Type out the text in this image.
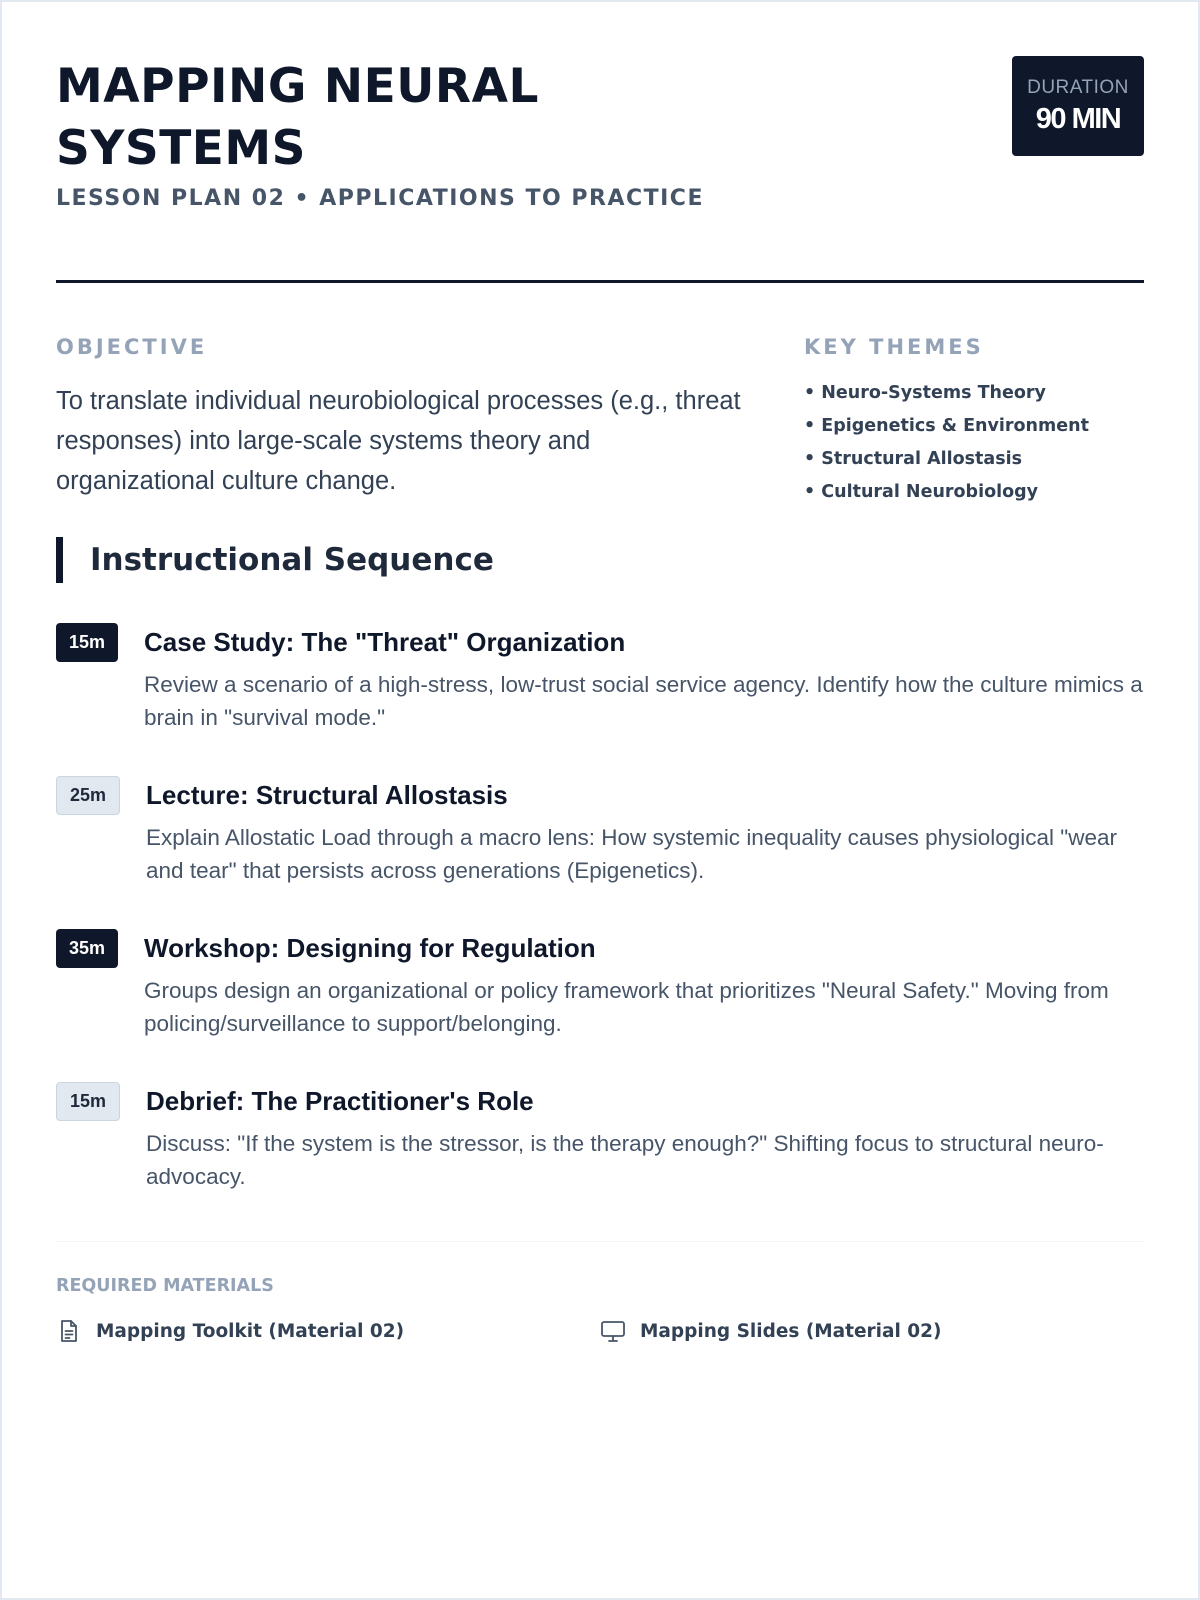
MAPPING NEURAL SYSTEMS
LESSON PLAN 02 • APPLICATIONS TO PRACTICE
DURATION
90 MIN
OBJECTIVE

To translate individual neurobiological processes (e.g., threat responses) into large-scale systems theory and organizational culture change.

KEY THEMES
• Neuro-Systems Theory
• Epigenetics & Environment
• Structural Allostasis
• Cultural Neurobiology
Instructional Sequence
15m	Case Study: The "Threat" Organization

Review a scenario of a high-stress, low-trust social service agency. Identify how the culture mimics a brain in "survival mode."

25m	Lecture: Structural Allostasis

Explain Allostatic Load through a macro lens: How systemic inequality causes physiological "wear and tear" that persists across generations (Epigenetics).

35m	Workshop: Designing for Regulation

Groups design an organizational or policy framework that prioritizes "Neural Safety." Moving from policing/surveillance to support/belonging.

15m	Debrief: The Practitioner's Role

Discuss: "If the system is the stressor, is the therapy enough?" Shifting focus to structural neuro-advocacy.

REQUIRED MATERIALS
Mapping Toolkit (Material 02)	Mapping Slides (Material 02)
